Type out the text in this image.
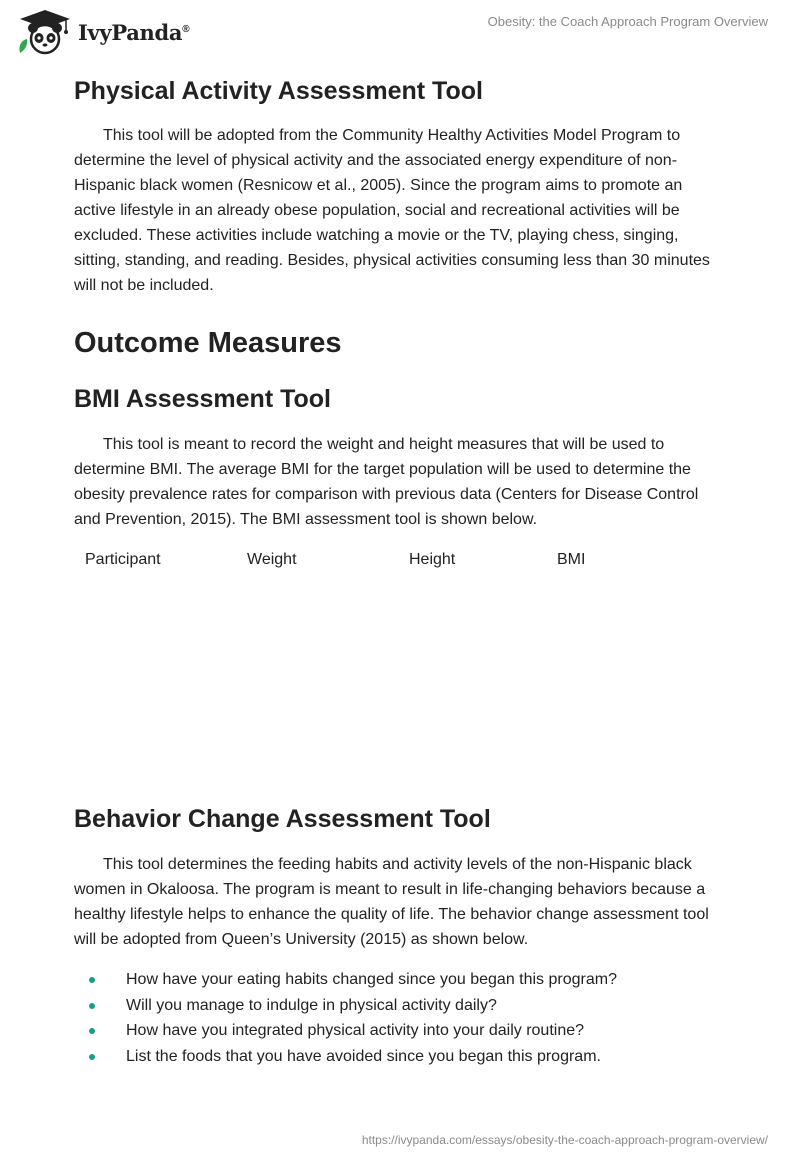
IvyPanda®	Obesity: the Coach Approach Program Overview
Physical Activity Assessment Tool

This tool will be adopted from the Community Healthy Activities Model Program to determine the level of physical activity and the associated energy expenditure of non-Hispanic black women (Resnicow et al., 2005). Since the program aims to promote an active lifestyle in an already obese population, social and recreational activities will be excluded. These activities include watching a movie or the TV, playing chess, singing, sitting, standing, and reading. Besides, physical activities consuming less than 30 minutes will not be included.

Outcome Measures
BMI Assessment Tool

This tool is meant to record the weight and height measures that will be used to determine BMI. The average BMI for the target population will be used to determine the obesity prevalence rates for comparison with previous data (Centers for Disease Control and Prevention, 2015). The BMI assessment tool is shown below.

Participant	Weight	Height	BMI
Behavior Change Assessment Tool

This tool determines the feeding habits and activity levels of the non-Hispanic black women in Okaloosa. The program is meant to result in life-changing behaviors because a healthy lifestyle helps to enhance the quality of life. The behavior change assessment tool will be adopted from Queen’s University (2015) as shown below.

How have your eating habits changed since you began this program?
Will you manage to indulge in physical activity daily?
How have you integrated physical activity into your daily routine?
List the foods that you have avoided since you began this program.
https://ivypanda.com/essays/obesity-the-coach-approach-program-overview/
